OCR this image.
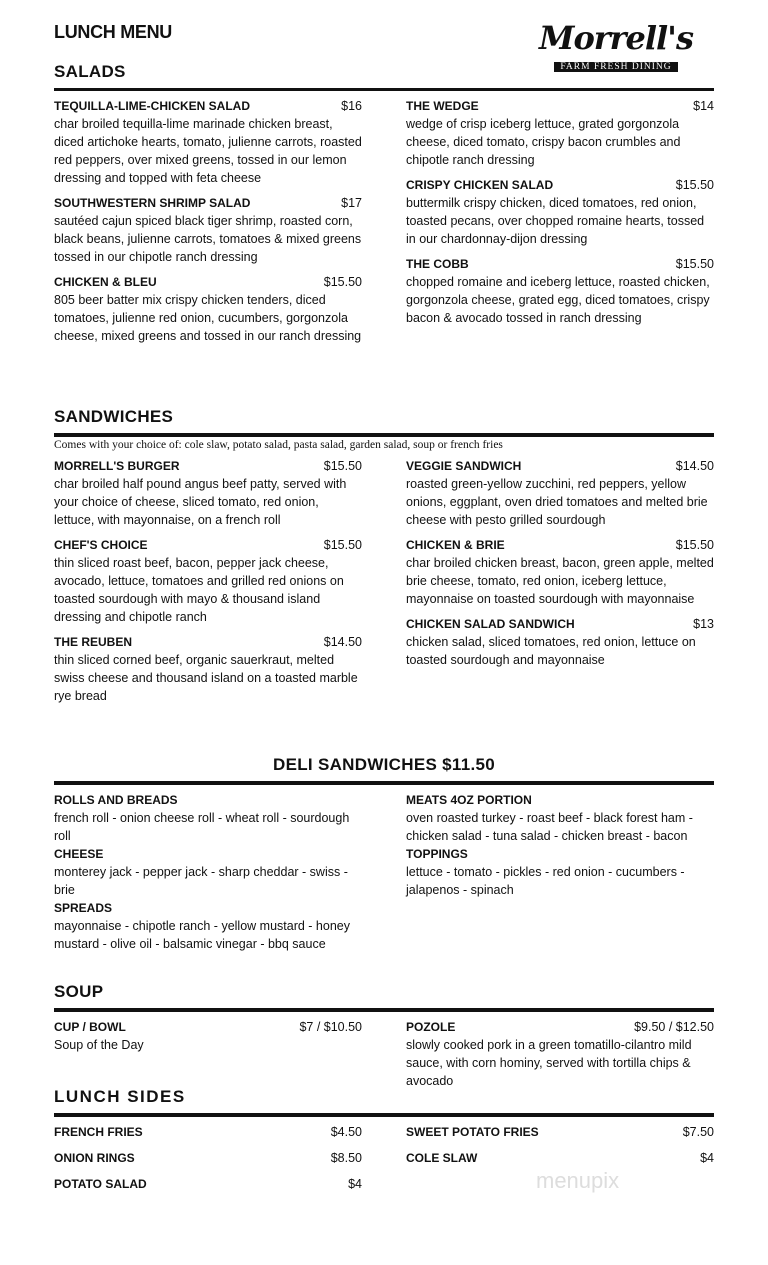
LUNCH MENU	Morrell's
FARM FRESH DINING
SALADS
TEQUILLA-LIME-CHICKEN SALAD	$16
char broiled tequilla-lime marinade chicken breast, diced artichoke hearts, tomato, julienne carrots, roasted red peppers, over mixed greens, tossed in our lemon dressing and topped with feta cheese
SOUTHWESTERN SHRIMP SALAD	$17
sautéed cajun spiced black tiger shrimp, roasted corn, black beans, julienne carrots, tomatoes & mixed greens tossed in our chipotle ranch dressing
CHICKEN & BLEU	$15.50
805 beer batter mix crispy chicken tenders, diced tomatoes, julienne red onion, cucumbers, gorgonzola cheese, mixed greens and tossed in our ranch dressing
THE WEDGE	$14
wedge of crisp iceberg lettuce, grated gorgonzola cheese, diced tomato, crispy bacon crumbles and chipotle ranch dressing
CRISPY CHICKEN SALAD	$15.50
buttermilk crispy chicken, diced tomatoes, red onion, toasted pecans, over chopped romaine hearts, tossed in our chardonnay-dijon dressing
THE COBB	$15.50
chopped romaine and iceberg lettuce, roasted chicken, gorgonzola cheese, grated egg, diced tomatoes, crispy bacon & avocado tossed in ranch dressing
SANDWICHES
Comes with your choice of: cole slaw, potato salad, pasta salad, garden salad, soup or french fries
MORRELL'S BURGER	$15.50
char broiled half pound angus beef patty, served with your choice of cheese, sliced tomato, red onion, lettuce, with mayonnaise, on a french roll
CHEF'S CHOICE	$15.50
thin sliced roast beef, bacon, pepper jack cheese, avocado, lettuce, tomatoes and grilled red onions on toasted sourdough with mayo & thousand island dressing and chipotle ranch
THE REUBEN	$14.50
thin sliced corned beef, organic sauerkraut, melted swiss cheese and thousand island on a toasted marble rye bread
VEGGIE SANDWICH	$14.50
roasted green-yellow zucchini, red peppers, yellow onions, eggplant, oven dried tomatoes and melted brie cheese with pesto grilled sourdough
CHICKEN & BRIE	$15.50
char broiled chicken breast, bacon, green apple, melted brie cheese, tomato, red onion, iceberg lettuce, mayonnaise on toasted sourdough with mayonnaise
CHICKEN SALAD SANDWICH	$13
chicken salad, sliced tomatoes, red onion, lettuce on toasted sourdough and mayonnaise
DELI SANDWICHES $11.50
ROLLS AND BREADS
french roll - onion cheese roll - wheat roll - sourdough roll
CHEESE
monterey jack - pepper jack - sharp cheddar - swiss - brie
SPREADS
mayonnaise - chipotle ranch - yellow mustard - honey mustard - olive oil - balsamic vinegar - bbq sauce
MEATS 4OZ PORTION
oven roasted turkey - roast beef - black forest ham - chicken salad - tuna salad - chicken breast - bacon
TOPPINGS
lettuce - tomato - pickles - red onion - cucumbers - jalapenos - spinach
SOUP
CUP / BOWL	$7 / $10.50
Soup of the Day
POZOLE	$9.50 / $12.50
slowly cooked pork in a green tomatillo-cilantro mild sauce, with corn hominy, served with tortilla chips & avocado
LUNCH SIDES
FRENCH FRIES	$4.50
ONION RINGS	$8.50
POTATO SALAD	$4
SWEET POTATO FRIES	$7.50
COLE SLAW	$4
menupix
